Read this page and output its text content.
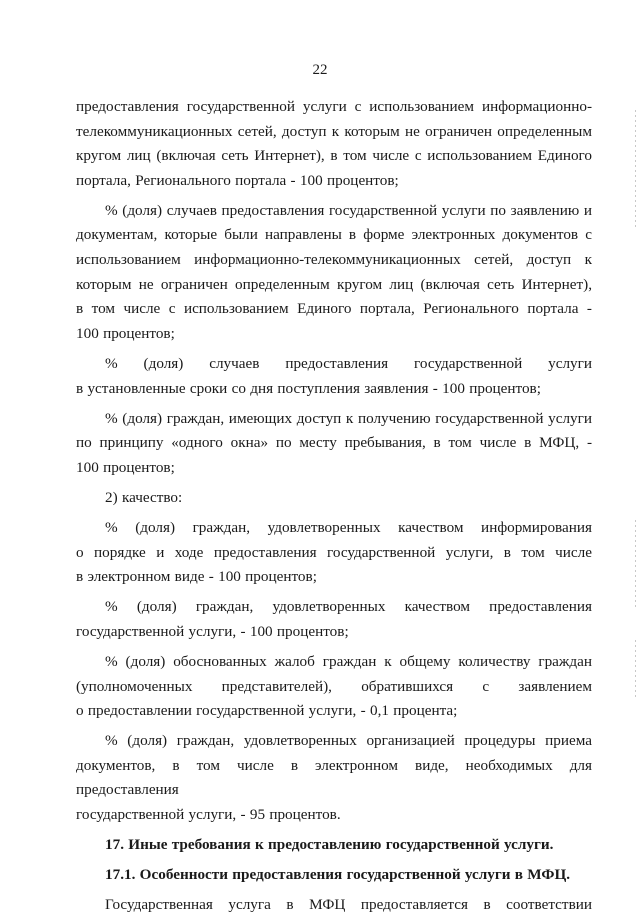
22

предоставления государственной услуги с использованием информационно-

телекоммуникационных сетей, доступ к которым не ограничен определенным

кругом лиц (включая сеть Интернет), в том числе с использованием Единого

портала, Регионального портала - 100 процентов;

% (доля) случаев предоставления государственной услуги по заявлению и

документам, которые были направлены в форме электронных документов с

использованием информационно-телекоммуникационных сетей, доступ к

которым не ограничен определенным кругом лиц (включая сеть Интернет),

в том числе с использованием Единого портала, Регионального портала -

100 процентов;

% (доля) случаев предоставления государственной услуги

в установленные сроки со дня поступления заявления - 100 процентов;

% (доля) граждан, имеющих доступ к получению государственной услуги

по принципу «одного окна» по месту пребывания, в том числе в МФЦ, -

100 процентов;

2) качество:

% (доля) граждан, удовлетворенных качеством информирования

о порядке и ходе предоставления государственной услуги, в том числе

в электронном виде - 100 процентов;

% (доля) граждан, удовлетворенных качеством предоставления

государственной услуги, - 100 процентов;

% (доля) обоснованных жалоб граждан к общему количеству граждан

(уполномоченных представителей), обратившихся с заявлением

о предоставлении государственной услуги, - 0,1 процента;

% (доля) граждан, удовлетворенных организацией процедуры приема

документов, в том числе в электронном виде, необходимых для предоставления

государственной услуги, - 95 процентов.

17. Иные требования к предоставлению государственной услуги.

17.1. Особенности предоставления государственной услуги в МФЦ.

Государственная услуга в МФЦ предоставляется в соответствии
